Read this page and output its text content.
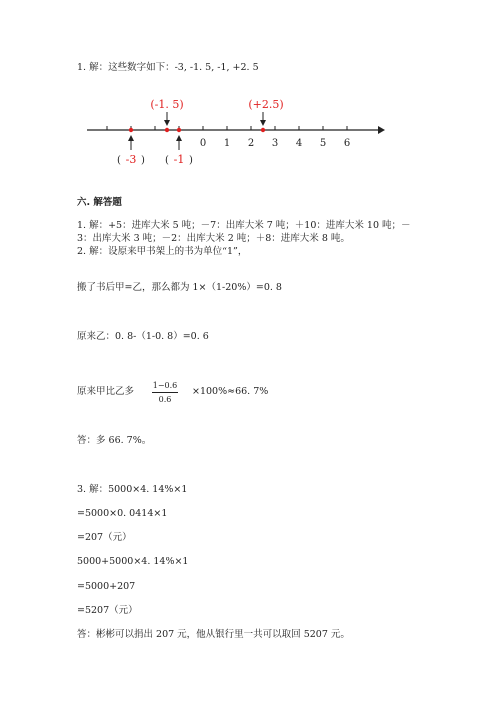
1. 解：这些数字如下：-3, -1. 5, -1, +2. 5
0 1 2 3 4 5 6
(-1. 5)	(+2.5)
( -3 ) ( -1 )
六. 解答题
1. 解：+5：进库大米 5 吨；－7：出库大米 7 吨；＋10：进库大米 10 吨；－3：出库大米 3 吨；－2：出库大米 2 吨；＋8：进库大米 8 吨。
2. 解：设原来甲书架上的书为单位“1”，
搬了书后甲=乙，那么都为 1×（1-20%）=0. 8
原来乙：0. 8-（1-0. 8）=0. 6
原来甲比乙多
1−0.6
0.6
×100%≈66. 7%
答：多 66. 7%。
3. 解：5000×4. 14%×1
=5000×0. 0414×1
=207（元）
5000+5000×4. 14%×1
=5000+207
=5207（元）
答：彬彬可以捐出 207 元，他从银行里一共可以取回 5207 元。
